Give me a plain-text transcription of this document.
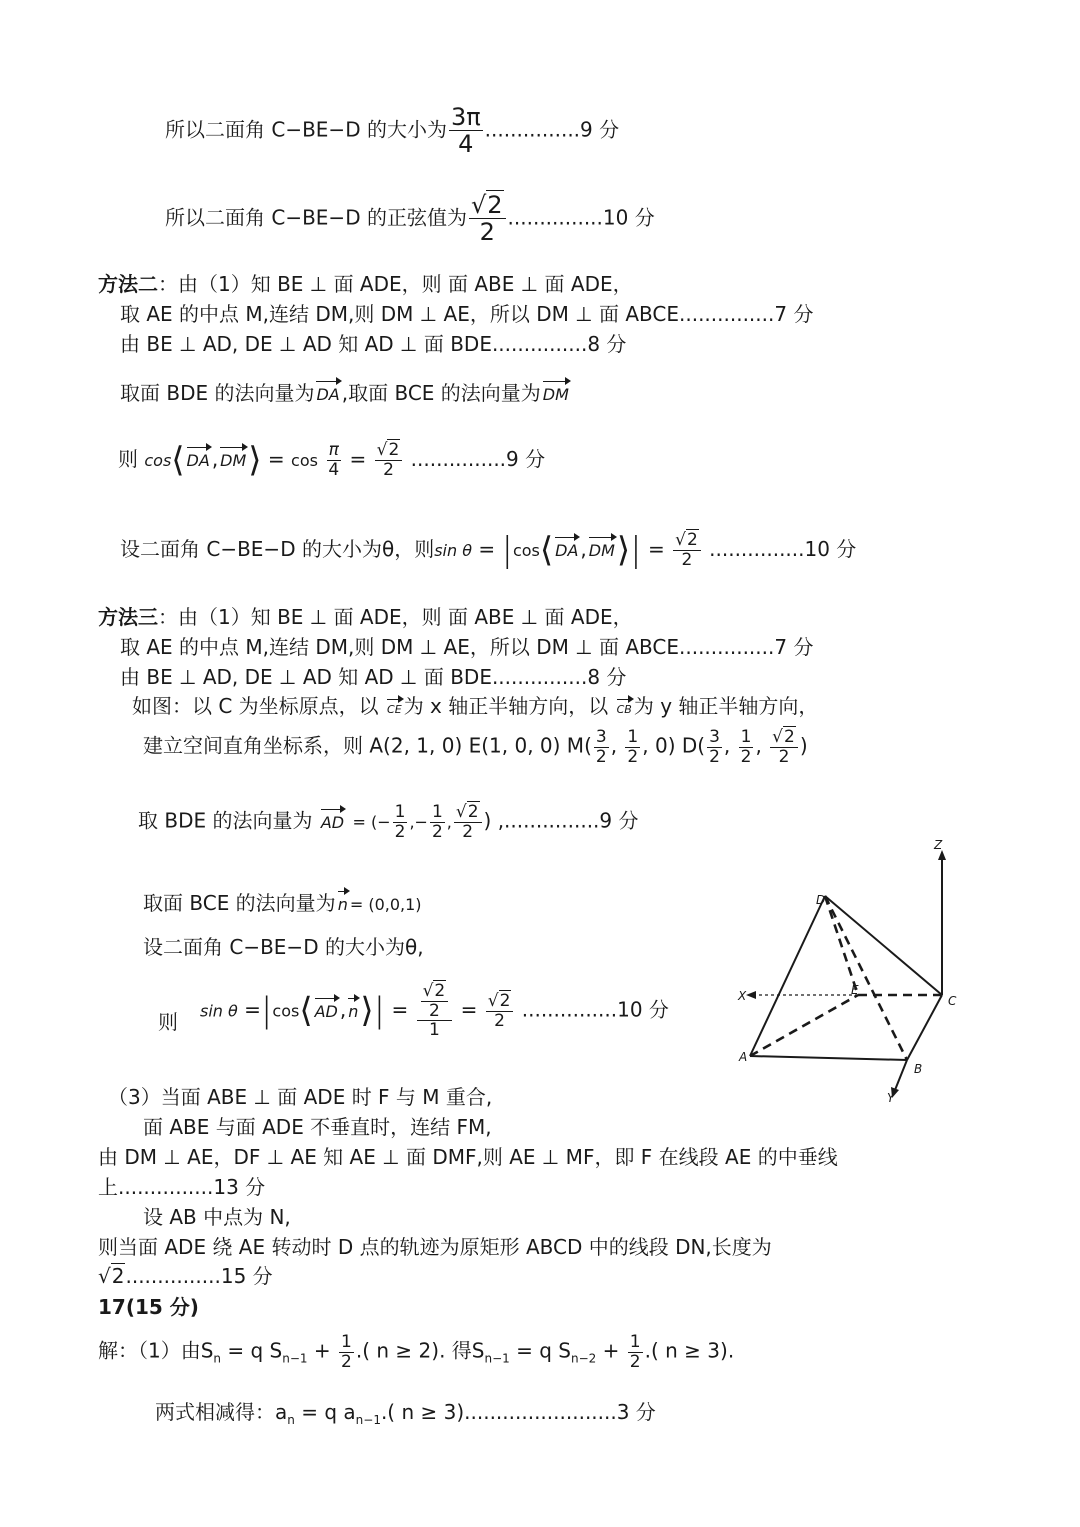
所以二面角 C−BE−D 的大小为 $\frac{3\pi}{4} ...............9$ 分
所以二面角 C−BE−D 的正弦值为 $\frac{√2}{2} ...............10$ 分
方法二：由（1）知 BE ⊥ 面 ADE，则 面 ABE ⊥ 面 ADE，
取 AE 的中点 M,连结 DM,则 DM ⊥ AE，所以 DM ⊥ 面 ABCE...............7 分
由 BE ⊥ AD, DE ⊥ AD 知 AD ⊥ 面 BDE...............8 分
取面 BDE 的法向量为 DA ,取面 BCE 的法向量为 DM
则 cos⟨ DA , DM⟩ = $\cos \frac{\pi}{4} = \frac{√2}{2} ...............9$ 分
设二面角 C−BE−D 的大小为θ，则sin θ = |cos⟨ DA , DM⟩| = $\frac{√2}{2} ...............10$ 分
方法三：由（1）知 BE ⊥ 面 ADE，则 面 ABE ⊥ 面 ADE，
取 AE 的中点 M,连结 DM,则 DM ⊥ AE，所以 DM ⊥ 面 ABCE...............7 分
由 BE ⊥ AD, DE ⊥ AD 知 AD ⊥ 面 BDE...............8 分
如图：以 C 为坐标原点，以 CE 为 x 轴正半轴方向，以 CB 为 y 轴正半轴方向，
建立空间直角坐标系，则 A(2, 1, 0) E(1, 0, 0) $M( \frac{3}{2}$ , $\frac{1}{2}$ , 0) $D( \frac{3}{2}$ , $\frac{1}{2}$ , $\frac{√2}{2}$ )
取 BDE 的法向量为 AD = (− $\frac{1}{2}$ ,− $\frac{1}{2}$ , $\frac{√2}{2}$ ) ,...............9 分
取面 BCE 的法向量为 n = (0,0,1)
设二面角 C−BE−D 的大小为θ,
则 sin θ =|cos⟨ AD , n⟩| = $\frac{\frac{√2}{2}}{1} = \frac{√2}{2} ...............10$ 分
Z
D
X	E
C
A
B
Y
（3）当面 ABE ⊥ 面 ADE 时 F 与 M 重合,
面 ABE 与面 ADE 不垂直时，连结 FM,
由 DM ⊥ AE，DF ⊥ AE 知 AE ⊥ 面 DMF,则 AE ⊥ MF，即 F 在线段 AE 的中垂线
上...............13 分
设 AB 中点为 N,
则当面 ADE 绕 AE 转动时 D 点的轨迹为原矩形 ABCD 中的线段 DN,长度为
√2...............15 分
17(15 分)
解：（1）由$S_n = q$ $S_{n-1} + \frac{1}{2}$ .( n ≥ 2). 得$S_{n-1} = q$ $S_{n-2} + \frac{1}{2}$ .( n ≥ 3).
两式相减得：$a_n = q$ $a_{n-1}$.( n ≥ 3)........................3 分
